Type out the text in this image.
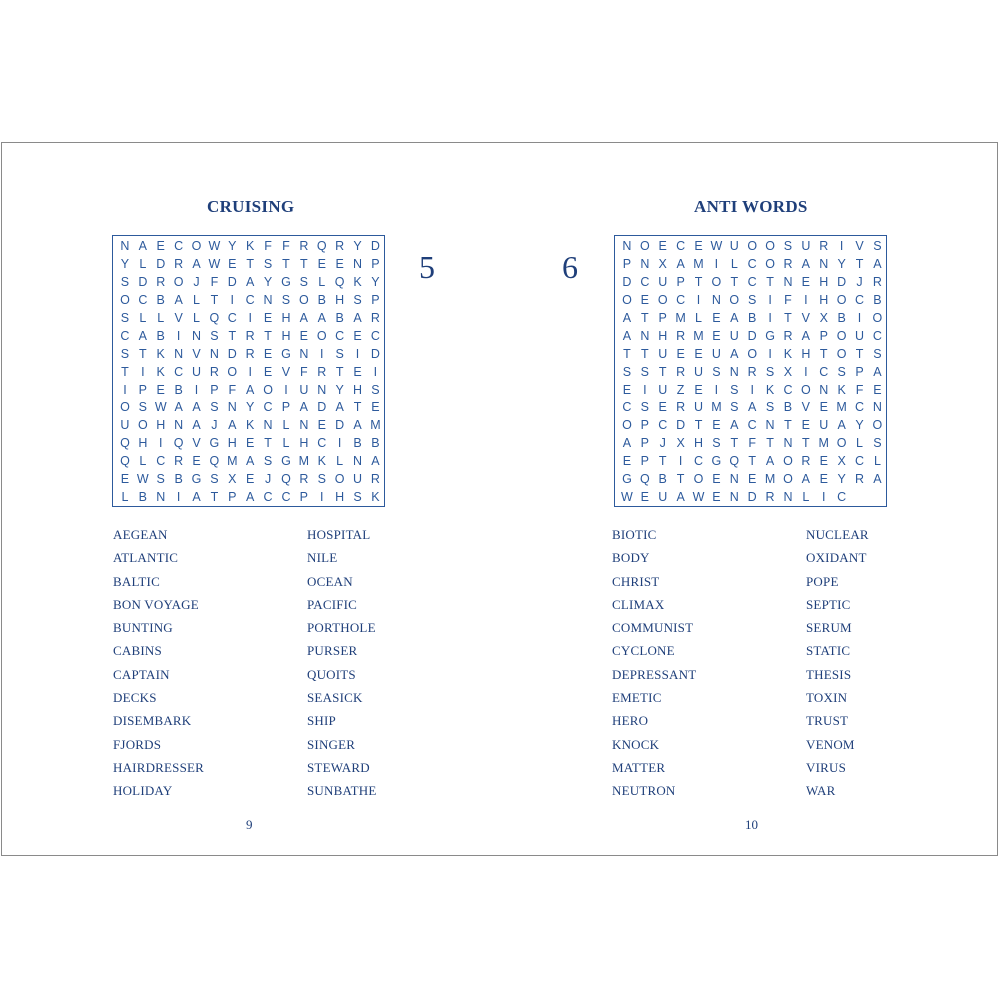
CRUISING
N A E C O W Y K F F R Q R Y D
Y L D R A W E T S T T E E N P
S D R O J F D A Y G S L Q K Y
O C B A L T I C N S O B H S P
S L L V L Q C I E H A A B A R
C A B I N S T R T H E O C E C
S T K N V N D R E G N I S I D
T I K C U R O I E V F R T E I
I P E B I P F A O I U N Y H S
O S W A A S N Y C P A D A T E
U O H N A J A K N L N E D A M
Q H I Q V G H E T L H C I B B
Q L C R E Q M A S G M K L N A
E W S B G S X E J Q R S O U R
L B N I A T P A C C P I H S K
5
AEGEAN
ATLANTIC
BALTIC
BON VOYAGE
BUNTING
CABINS
CAPTAIN
DECKS
DISEMBARK
FJORDS
HAIRDRESSER
HOLIDAY
HOSPITAL
NILE
OCEAN
PACIFIC
PORTHOLE
PURSER
QUOITS
SEASICK
SHIP
SINGER
STEWARD
SUNBATHE
9
ANTI WORDS
6
N O E C E W U O O S U R I V S
P N X A M I	L C O R A N Y T A
D C U P T O T C T N E H D J R
O E O C I N O S I F I H O C B
A T P M L E A B I T V X B I O
A N H R M E U D G R A P O U C
T T U E E U A O I K H T O T S
S S T R U S N R S X I C S P A
E I U Z E I S I K C O N K F E
C S E R U M S A S B V E M C N
O P C D T E A C N T E U A Y O
A P J X H S T F T N T M O L S
E P T I C G Q T A O R E X C L
G Q B T O E N E M O A E Y R A
W E U A W E N D R N L	I C
BIOTIC
BODY
CHRIST
CLIMAX
COMMUNIST
CYCLONE
DEPRESSANT
EMETIC
HERO
KNOCK
MATTER
NEUTRON
NUCLEAR
OXIDANT
POPE
SEPTIC
SERUM
STATIC
THESIS
TOXIN
TRUST
VENOM
VIRUS
WAR
10
